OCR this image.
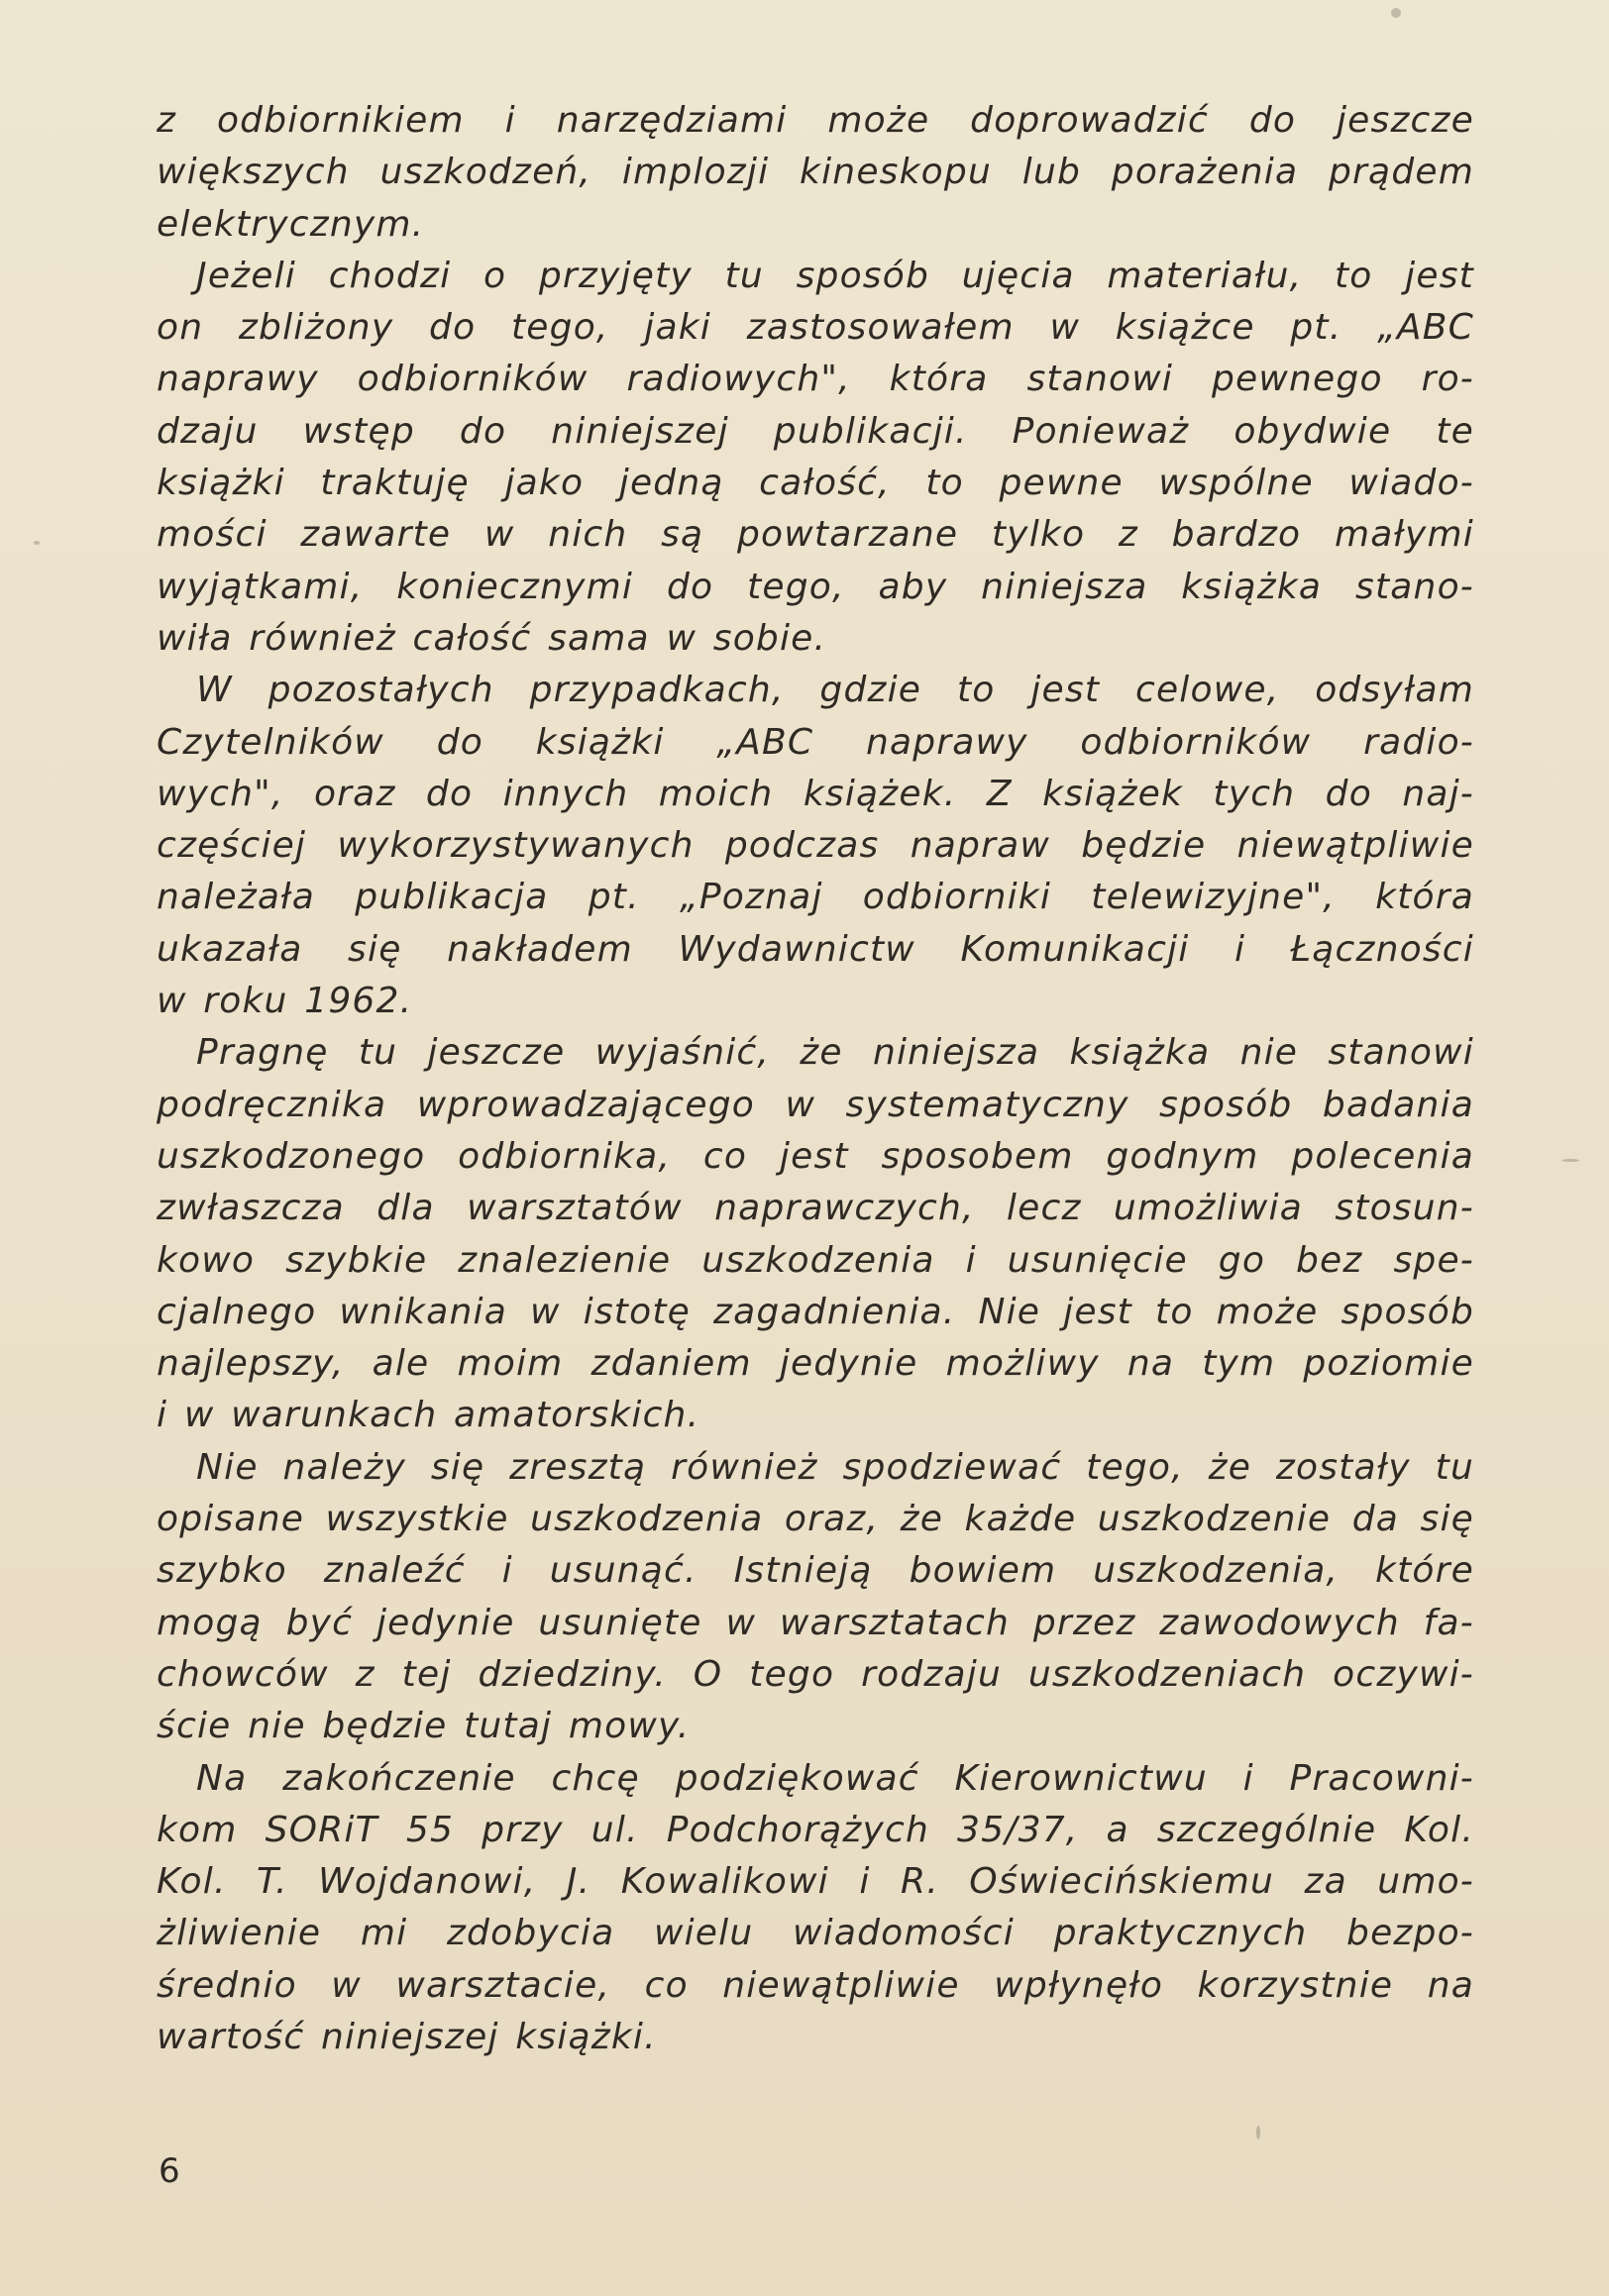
z odbiornikiem i narzędziami może doprowadzić do jeszcze
większych uszkodzeń, implozji kineskopu lub porażenia prądem
elektrycznym.
Jeżeli chodzi o przyjęty tu sposób ujęcia materiału, to jest
on zbliżony do tego, jaki zastosowałem w książce pt. „ABC
naprawy odbiorników radiowych", która stanowi pewnego ro-
dzaju wstęp do niniejszej publikacji. Ponieważ obydwie te
książki traktuję jako jedną całość, to pewne wspólne wiado-
mości zawarte w nich są powtarzane tylko z bardzo małymi
wyjątkami, koniecznymi do tego, aby niniejsza książka stano-
wiła również całość sama w sobie.
W pozostałych przypadkach, gdzie to jest celowe, odsyłam
Czytelników do książki „ABC naprawy odbiorników radio-
wych", oraz do innych moich książek. Z książek tych do naj-
częściej wykorzystywanych podczas napraw będzie niewątpliwie
należała publikacja pt. „Poznaj odbiorniki telewizyjne", która
ukazała się nakładem Wydawnictw Komunikacji i Łączności
w roku 1962.
Pragnę tu jeszcze wyjaśnić, że niniejsza książka nie stanowi
podręcznika wprowadzającego w systematyczny sposób badania
uszkodzonego odbiornika, co jest sposobem godnym polecenia
zwłaszcza dla warsztatów naprawczych, lecz umożliwia stosun-
kowo szybkie znalezienie uszkodzenia i usunięcie go bez spe-
cjalnego wnikania w istotę zagadnienia. Nie jest to może sposób
najlepszy, ale moim zdaniem jedynie możliwy na tym poziomie
i w warunkach amatorskich.
Nie należy się zresztą również spodziewać tego, że zostały tu
opisane wszystkie uszkodzenia oraz, że każde uszkodzenie da się
szybko znaleźć i usunąć. Istnieją bowiem uszkodzenia, które
mogą być jedynie usunięte w warsztatach przez zawodowych fa-
chowców z tej dziedziny. O tego rodzaju uszkodzeniach oczywi-
ście nie będzie tutaj mowy.
Na zakończenie chcę podziękować Kierownictwu i Pracowni-
kom SORiT 55 przy ul. Podchorążych 35/37, a szczególnie Kol.
Kol. T. Wojdanowi, J. Kowalikowi i R. Oświecińskiemu za umo-
żliwienie mi zdobycia wielu wiadomości praktycznych bezpo-
średnio w warsztacie, co niewątpliwie wpłynęło korzystnie na
wartość niniejszej książki.
6
